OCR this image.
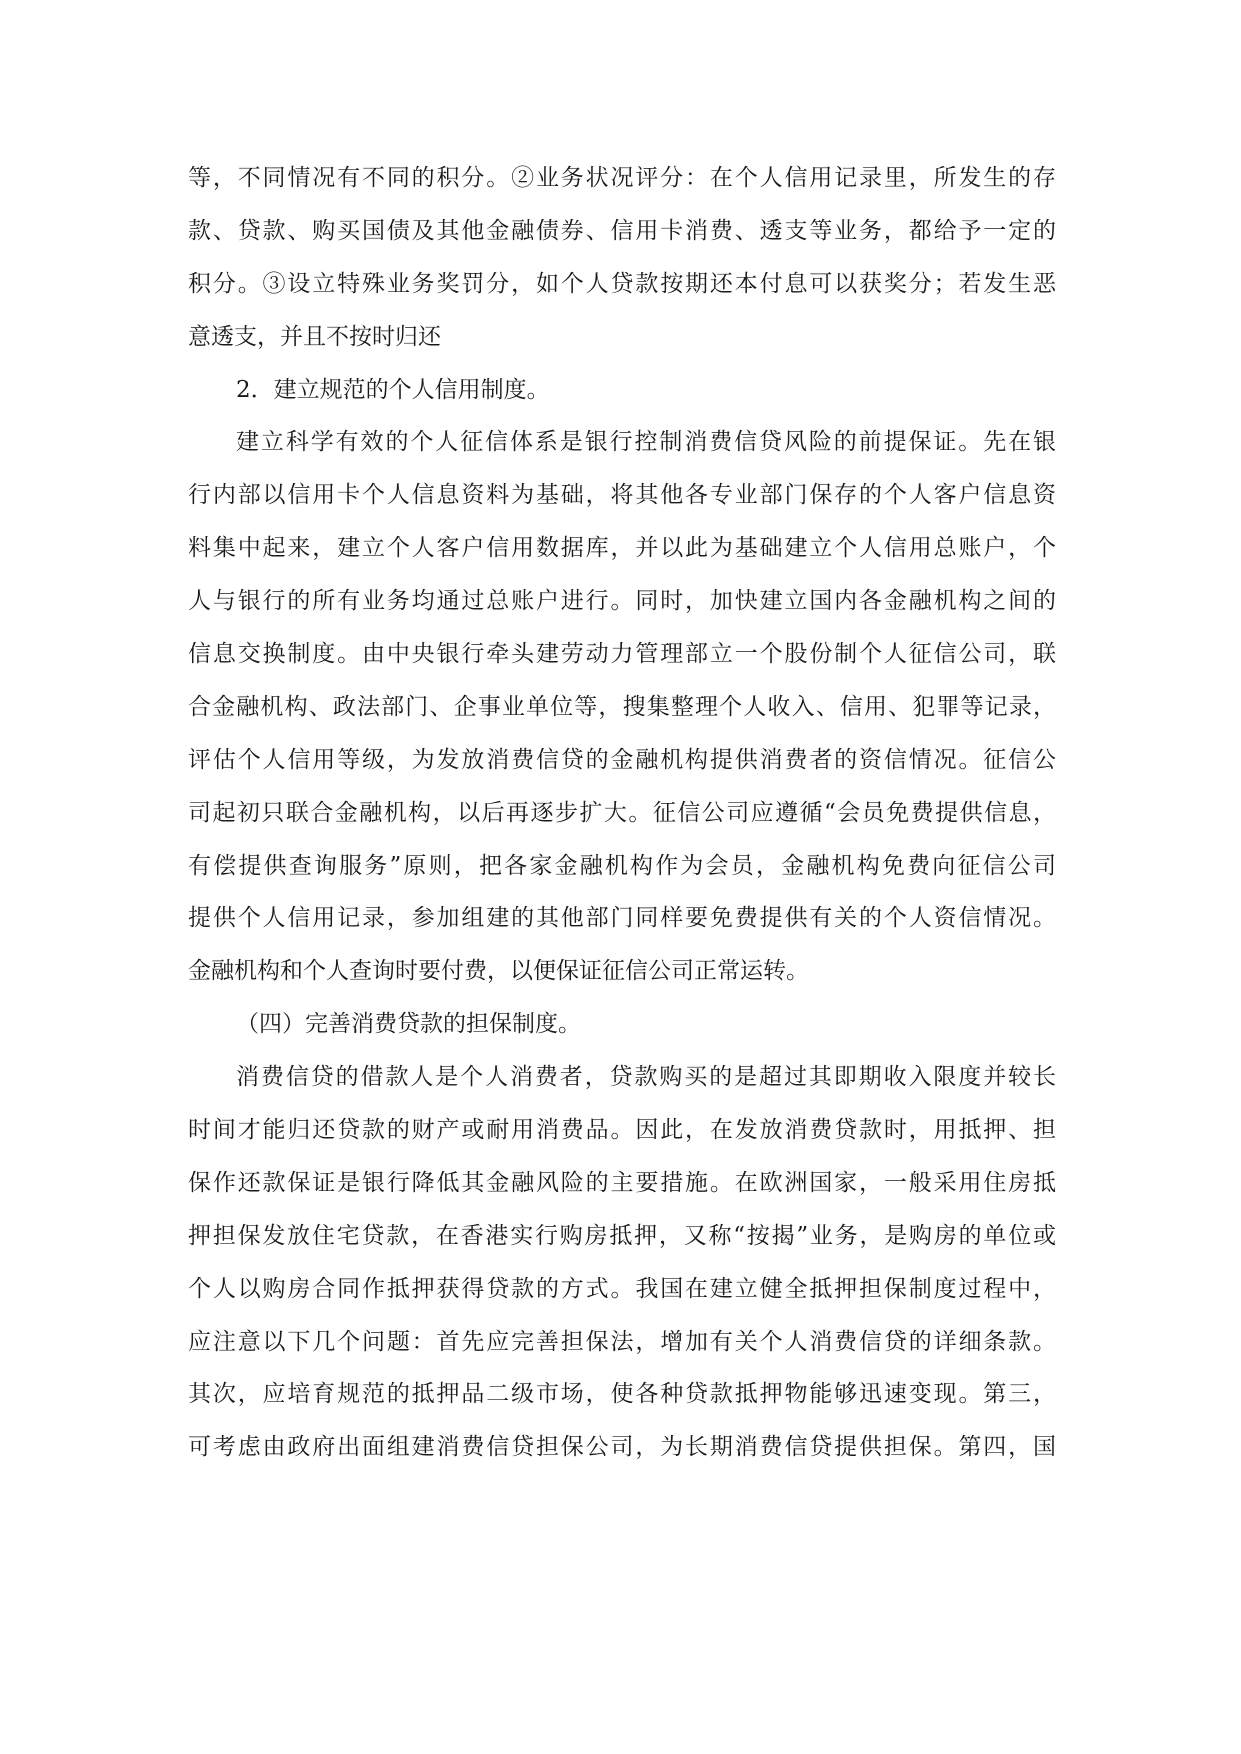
等，不同情况有不同的积分。②业务状况评分：在个人信用记录里，所发生的存
款、贷款、购买国债及其他金融债券、信用卡消费、透支等业务，都给予一定的
积分。③设立特殊业务奖罚分，如个人贷款按期还本付息可以获奖分；若发生恶
意透支，并且不按时归还
2．建立规范的个人信用制度。
建立科学有效的个人征信体系是银行控制消费信贷风险的前提保证。先在银
行内部以信用卡个人信息资料为基础，将其他各专业部门保存的个人客户信息资
料集中起来，建立个人客户信用数据库，并以此为基础建立个人信用总账户，个
人与银行的所有业务均通过总账户进行。同时，加快建立国内各金融机构之间的
信息交换制度。由中央银行牵头建劳动力管理部立一个股份制个人征信公司，联
合金融机构、政法部门、企事业单位等，搜集整理个人收入、信用、犯罪等记录，
评估个人信用等级，为发放消费信贷的金融机构提供消费者的资信情况。征信公
司起初只联合金融机构，以后再逐步扩大。征信公司应遵循“会员免费提供信息，
有偿提供查询服务”原则，把各家金融机构作为会员，金融机构免费向征信公司
提供个人信用记录，参加组建的其他部门同样要免费提供有关的个人资信情况。
金融机构和个人查询时要付费，以便保证征信公司正常运转。
（四）完善消费贷款的担保制度。
消费信贷的借款人是个人消费者，贷款购买的是超过其即期收入限度并较长
时间才能归还贷款的财产或耐用消费品。因此，在发放消费贷款时，用抵押、担
保作还款保证是银行降低其金融风险的主要措施。在欧洲国家，一般采用住房抵
押担保发放住宅贷款，在香港实行购房抵押，又称“按揭”业务，是购房的单位或
个人以购房合同作抵押获得贷款的方式。我国在建立健全抵押担保制度过程中，
应注意以下几个问题：首先应完善担保法，增加有关个人消费信贷的详细条款。
其次，应培育规范的抵押品二级市场，使各种贷款抵押物能够迅速变现。第三，
可考虑由政府出面组建消费信贷担保公司，为长期消费信贷提供担保。第四，国
